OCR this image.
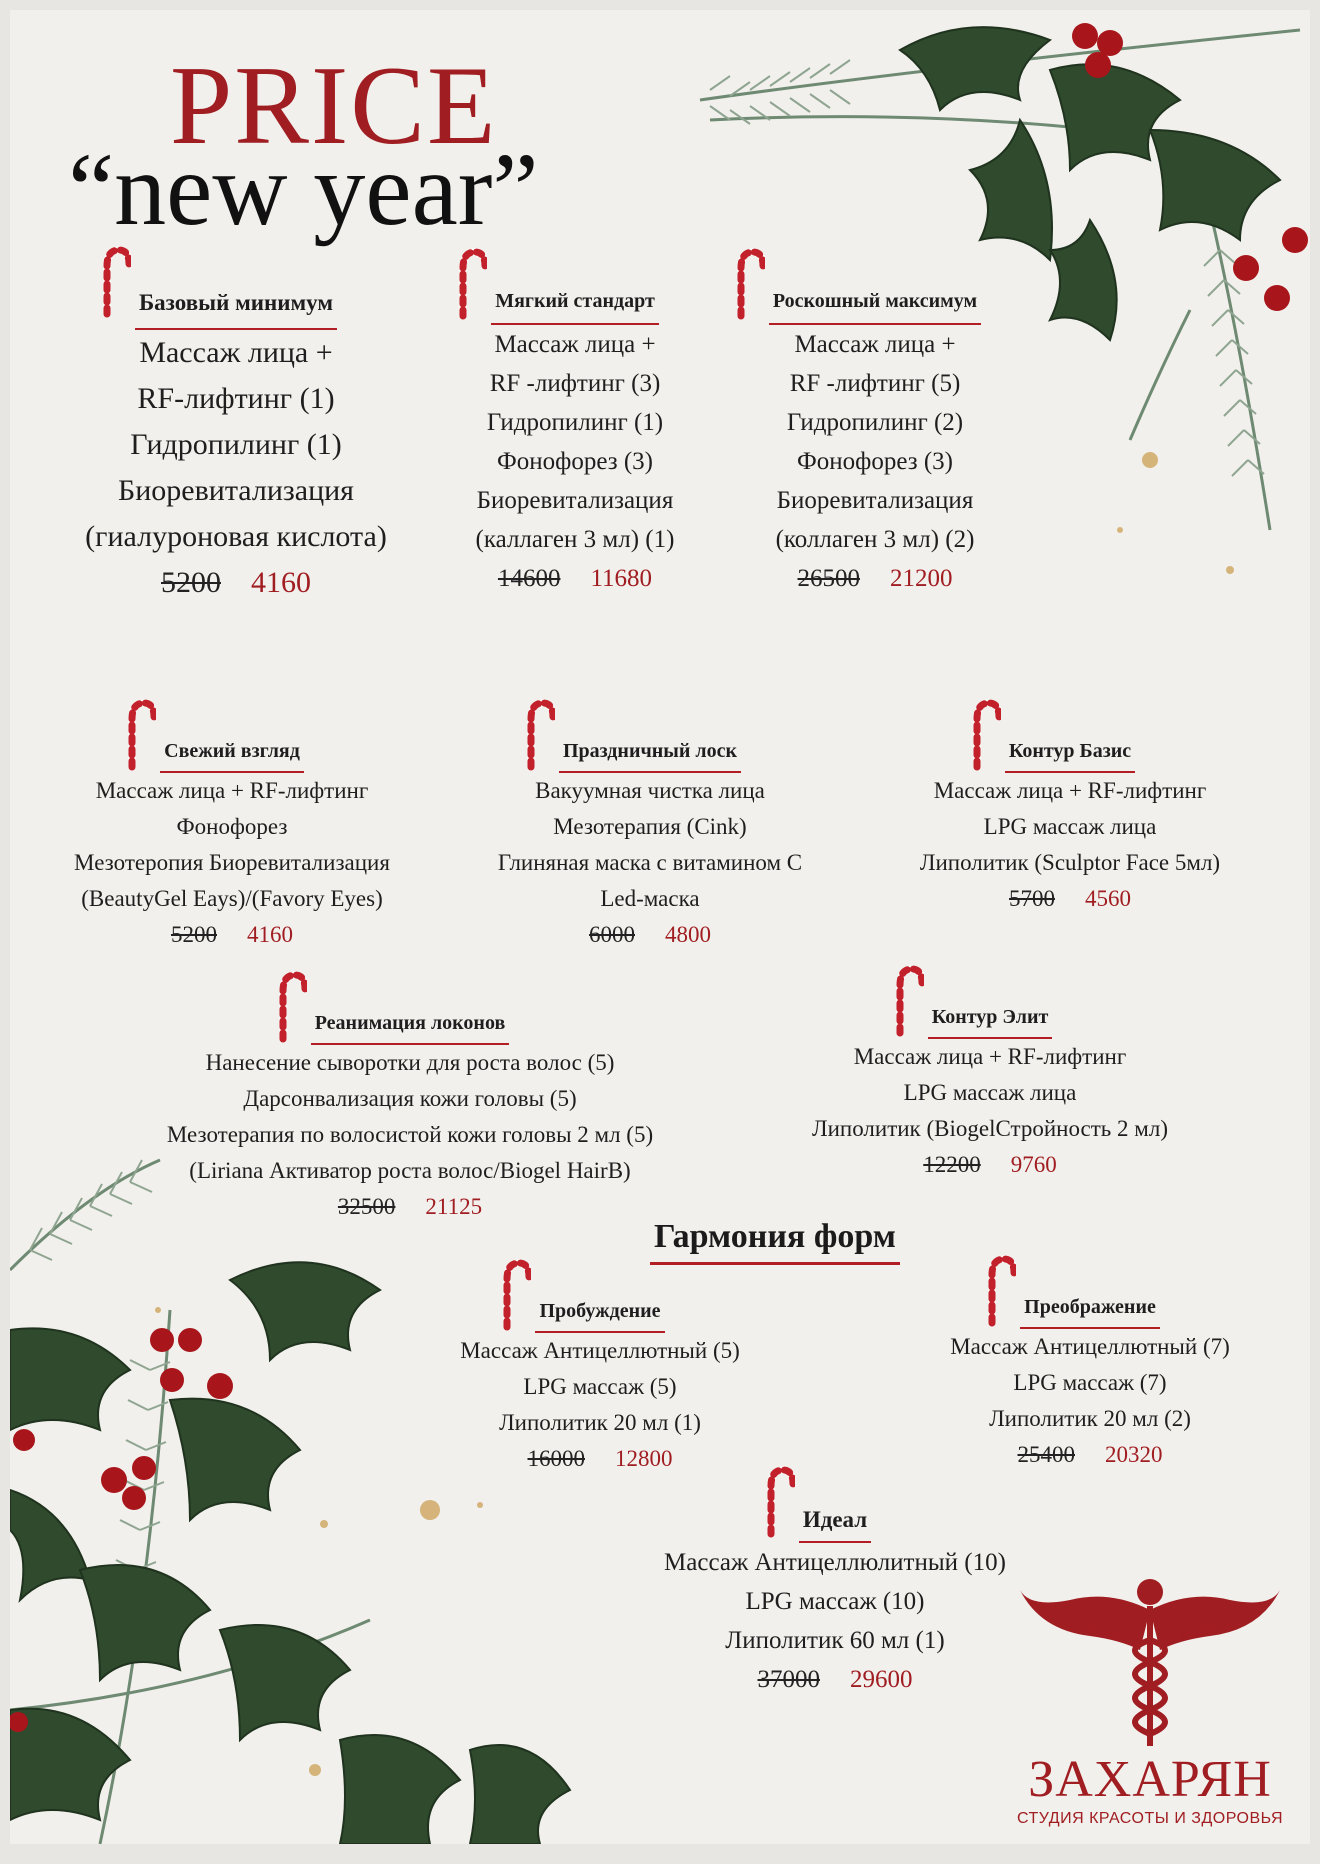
PRICE
“new year”
Базовый минимум
Массаж лица +
RF-лифтинг (1)
Гидропилинг (1)
Биоревитализация
(гиалуроновая кислота)
5200 4160
Мягкий стандарт
Массаж лица +
RF -лифтинг (3)
Гидропилинг (1)
Фонофорез (3)
Биоревитализация
(каллаген 3 мл) (1)
14600 11680
Роскошный максимум
Массаж лица +
RF -лифтинг (5)
Гидропилинг (2)
Фонофорез (3)
Биоревитализация
(коллаген 3 мл) (2)
26500 21200
Свежий взгляд
Массаж лица + RF-лифтинг
Фонофорез
Мезотеропия Биоревитализация
(BeautyGel Eays)/(Favory Eyes)
5200 4160
Праздничный лоск
Вакуумная чистка лица
Мезотерапия (Cink)
Глиняная маска с витамином С
Led-маска
6000 4800
Контур Базис
Массаж лица + RF-лифтинг
LPG массаж лица
Липолитик (Sculptor Face 5мл)
5700 4560
Реанимация локонов
Нанесение сыворотки для роста волос (5)
Дарсонвализация кожи головы (5)
Мезотерапия по волосистой кожи головы 2 мл (5)
(Liriana Активатор роста волос/Biogel HairB)
32500 21125
Контур Элит
Массаж лица + RF-лифтинг
LPG массаж лица
Липолитик (BiogelСтройность 2 мл)
12200 9760
Гармония форм
Пробуждение
Массаж Антицеллютный (5)
LPG массаж (5)
Липолитик 20 мл (1)
16000 12800
Преображение
Массаж Антицеллютный (7)
LPG массаж (7)
Липолитик 20 мл (2)
25400 20320
Идеал
Массаж Антицеллюлитный (10)
LPG массаж (10)
Липолитик 60 мл (1)
37000 29600
ЗАХАРЯН
СТУДИЯ КРАСОТЫ И ЗДОРОВЬЯ
